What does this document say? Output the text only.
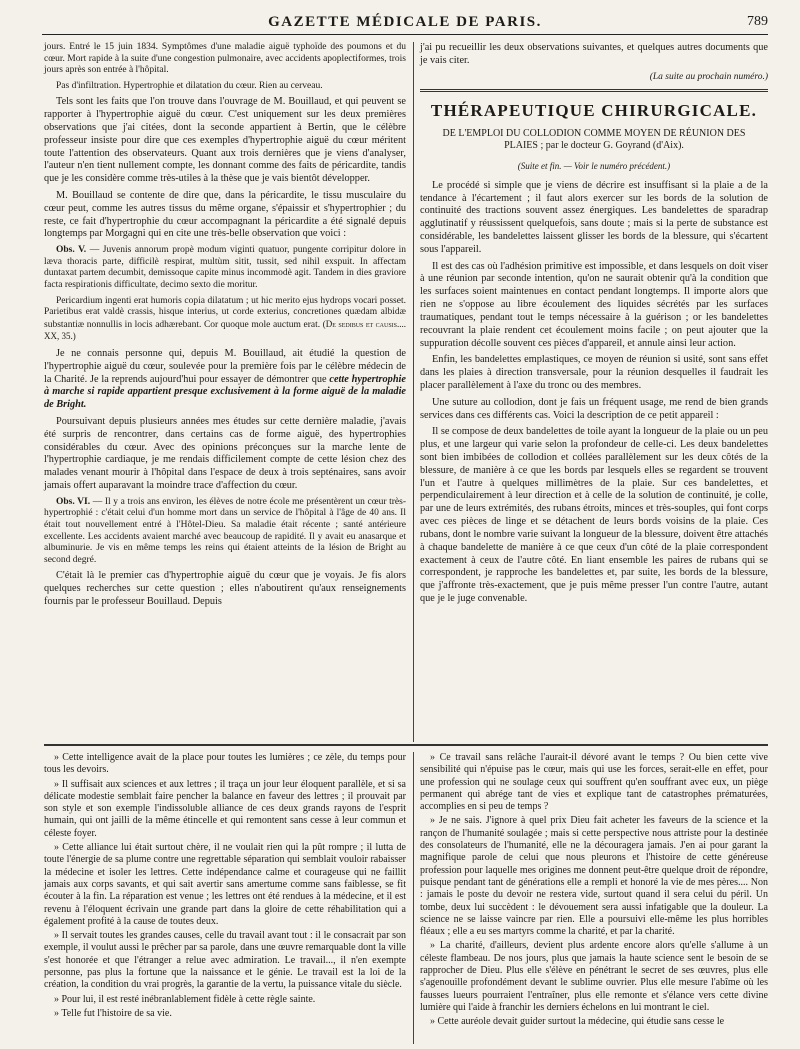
GAZETTE MÉDICALE DE PARIS.	789

jours. Entré le 15 juin 1834. Symptômes d'une maladie aiguë typhoïde des poumons et du cœur. Mort rapide à la suite d'une congestion pulmonaire, avec accidents apoplectiformes, trois jours après son entrée à l'hôpital.

Pas d'infiltration. Hypertrophie et dilatation du cœur. Rien au cerveau.

Tels sont les faits que l'on trouve dans l'ouvrage de M. Bouillaud, et qui peuvent se rapporter à l'hypertrophie aiguë du cœur. C'est uniquement sur les deux premières observations que j'ai citées, dont la seconde appartient à Bertin, que le célèbre professeur insiste pour dire que ces exemples d'hypertrophie aiguë du cœur méritent toute l'attention des observateurs. Quant aux trois dernières que je viens d'analyser, l'auteur n'en tient nullement compte, les donnant comme des faits de péricardite, tandis que je les considère comme très-utiles à la thèse que je vais bientôt développer.

M. Bouillaud se contente de dire que, dans la péricardite, le tissu musculaire du cœur peut, comme les autres tissus du même organe, s'épaissir et s'hypertrophier ; du reste, ce fait d'hypertrophie du cœur accompagnant la péricardite a été signalé depuis longtemps par Morgagni qui en cite une très-belle observation que voici :

Obs. V. — Juvenis annorum propè modum viginti quatuor, pungente corripitur dolore in læva thoracis parte, difficilè respirat, multùm sitit, tussit, sed nihil exspuit. In affectam duntaxat partem decumbit, demissoque capite minus incommodè agit. Tandem in dies graviore facta respirationis difficultate, decimo sexto die moritur.

Pericardium ingenti erat humoris copia dilatatum ; ut hic merito ejus hydrops vocari posset. Parietibus erat valdè crassis, hisque interius, ut corde exterius, concretiones quædam albidæ substantiæ nonnullis in locis adhærebant. Cor quoque mole auctum erat. (De sedibus et causis.... XX, 35.)

Je ne connais personne qui, depuis M. Bouillaud, ait étudié la question de l'hypertrophie aiguë du cœur, soulevée pour la première fois par le célèbre médecin de la Charité. Je la reprends aujourd'hui pour essayer de démontrer que cette hypertrophie à marche si rapide appartient presque exclusivement à la forme aiguë de la maladie de Bright.

Poursuivant depuis plusieurs années mes études sur cette dernière maladie, j'avais été surpris de rencontrer, dans certains cas de forme aiguë, des hypertrophies considérables du cœur. Avec des opinions préconçues sur la marche lente de l'hypertrophie cardiaque, je me rendais difficilement compte de cette lésion chez des malades venant mourir à l'hôpital dans l'espace de deux à trois septénaires, sans avoir jamais offert auparavant la moindre trace d'affection du cœur.

Obs. VI. — Il y a trois ans environ, les élèves de notre école me présentèrent un cœur très-hypertrophié : c'était celui d'un homme mort dans un service de l'hôpital à l'âge de 40 ans. Il était tout nouvellement entré à l'Hôtel-Dieu. Sa maladie était récente ; santé antérieure excellente. Les accidents avaient marché avec beaucoup de rapidité. Il y avait eu anasarque et albuminurie. Je vis en même temps les reins qui étaient atteints de la lésion de Bright au second degré.

C'était là le premier cas d'hypertrophie aiguë du cœur que je voyais. Je fis alors quelques recherches sur cette question ; elles n'aboutirent qu'aux renseignements fournis par le professeur Bouillaud. Depuis

j'ai pu recueillir les deux observations suivantes, et quelques autres documents que je vais citer.

(La suite au prochain numéro.)
THÉRAPEUTIQUE CHIRURGICALE.
DE L'EMPLOI DU COLLODION COMME MOYEN DE RÉUNION DES PLAIES ; par le docteur G. Goyrand (d'Aix).
(Suite et fin. — Voir le numéro précédent.)

Le procédé si simple que je viens de décrire est insuffisant si la plaie a de la tendance à l'écartement ; il faut alors exercer sur les bords de la solution de continuité des tractions souvent assez énergiques. Les bandelettes de sparadrap agglutinatif y réussissent quelquefois, sans doute ; mais si la perte de substance est considérable, les bandelettes laissent glisser les bords de la blessure, qui s'écartent sous l'appareil.

Il est des cas où l'adhésion primitive est impossible, et dans lesquels on doit viser à une réunion par seconde intention, qu'on ne saurait obtenir qu'à la condition que les surfaces soient maintenues en contact pendant longtemps. Il importe alors que rien ne s'oppose au libre écoulement des liquides sécrétés par les surfaces traumatiques, pendant tout le temps nécessaire à la guérison ; or les bandelettes recouvrant la plaie rendent cet écoulement moins facile ; on peut ajouter que la suppuration décolle souvent ces pièces d'appareil, et annule ainsi leur action.

Enfin, les bandelettes emplastiques, ce moyen de réunion si usité, sont sans effet dans les plaies à direction transversale, pour la réunion desquelles il faudrait les placer parallèlement à l'axe du tronc ou des membres.

Une suture au collodion, dont je fais un fréquent usage, me rend de bien grands services dans ces différents cas. Voici la description de ce petit appareil :

Il se compose de deux bandelettes de toile ayant la longueur de la plaie ou un peu plus, et une largeur qui varie selon la profondeur de celle-ci. Les deux bandelettes sont bien imbibées de collodion et collées parallèlement sur les deux côtés de la blessure, de manière à ce que les bords par lesquels elles se regardent se trouvent l'un et l'autre à quelques millimètres de la plaie. Sur ces bandelettes, et perpendiculairement à leur direction et à celle de la solution de continuité, je colle, par une de leurs extrémités, des rubans étroits, minces et très-souples, qui font corps avec ces pièces de linge et se détachent de leurs bords voisins de la plaie. Ces rubans, dont le nombre varie suivant la longueur de la blessure, doivent être attachés à chaque bandelette de manière à ce que ceux d'un côté de la plaie correspondent exactement à ceux de l'autre côté. En liant ensemble les paires de rubans qui se correspondent, je rapproche les bandelettes et, par suite, les bords de la blessure, que j'affronte très-exactement, que je puis même presser l'un contre l'autre, autant que je le juge convenable.

» Cette intelligence avait de la place pour toutes les lumières ; ce zèle, du temps pour tous les devoirs.

» Il suffisait aux sciences et aux lettres ; il traça un jour leur éloquent parallèle, et si sa délicate modestie semblait faire pencher la balance en faveur des lettres ; il prouvait par son style et son exemple l'indissoluble alliance de ces deux grands rayons de l'esprit humain, qui ont jailli de la même étincelle et qui remontent sans cesse à leur commun et céleste foyer.

» Cette alliance lui était surtout chère, il ne voulait rien qui la pût rompre ; il lutta de toute l'énergie de sa plume contre une regrettable séparation qui semblait vouloir rabaisser la médecine et isoler les lettres. Cette indépendance calme et courageuse qui ne faillit jamais aux corps savants, et qui sait avertir sans amertume comme sans faiblesse, se fit écouter à la fin. La réparation est venue ; les lettres ont été rendues à la médecine, et il est revenu à l'éloquent écrivain une grande part dans la gloire de cette réhabilitation qui a également profité à la cause de toutes deux.

» Il servait toutes les grandes causes, celle du travail avant tout : il le consacrait par son exemple, il voulut aussi le prêcher par sa parole, dans une œuvre remarquable dont la ville s'est honorée et que l'étranger a relue avec admiration. Le travail..., il n'en exempte personne, pas plus la fortune que la naissance et le génie. Le travail est la loi de la création, la condition du vrai progrès, la garantie de la vertu, la puissance vitale du siècle.

» Pour lui, il est resté inébranlablement fidèle à cette règle sainte.

» Telle fut l'histoire de sa vie.

» Ce travail sans relâche l'aurait-il dévoré avant le temps ? Ou bien cette vive sensibilité qui n'épuise pas le cœur, mais qui use les forces, serait-elle en effet, pour une profession qui ne soulage ceux qui souffrent qu'en souffrant avec eux, un piège permanent qui abrége tant de vies et explique tant de catastrophes prématurées, accomplies en si peu de temps ?

» Je ne sais. J'ignore à quel prix Dieu fait acheter les faveurs de la science et la rançon de l'humanité soulagée ; mais si cette perspective nous attriste pour la destinée des consolateurs de l'humanité, elle ne la découragera jamais. J'en ai pour garant la magnifique parole de celui que nous pleurons et l'histoire de cette généreuse profession pour laquelle mes origines me donnent peut-être quelque droit de répondre, puisque pendant tant de générations elle a rempli et honoré la vie de mes pères.... Non : jamais le poste du devoir ne restera vide, surtout quand il sera celui du péril. Un tombe, deux lui succèdent : le dévouement sera aussi infatigable que la douleur. La science ne se laisse vaincre par rien. Elle a poursuivi elle-même les plus horribles fléaux ; elle a eu ses martyrs comme la charité, et par la charité.

» La charité, d'ailleurs, devient plus ardente encore alors qu'elle s'allume à un céleste flambeau. De nos jours, plus que jamais la haute science sent le besoin de se rapprocher de Dieu. Plus elle s'élève en pénétrant le secret de ses œuvres, plus elle s'agenouille profondément devant le sublime ouvrier. Plus elle mesure l'abîme où les fausses lueurs pourraient l'entraîner, plus elle remonte et s'élance vers cette divine lumière qui l'aide à franchir les derniers échelons en lui montrant le ciel.

» Cette auréole devait guider surtout la médecine, qui étudie sans cesse le
